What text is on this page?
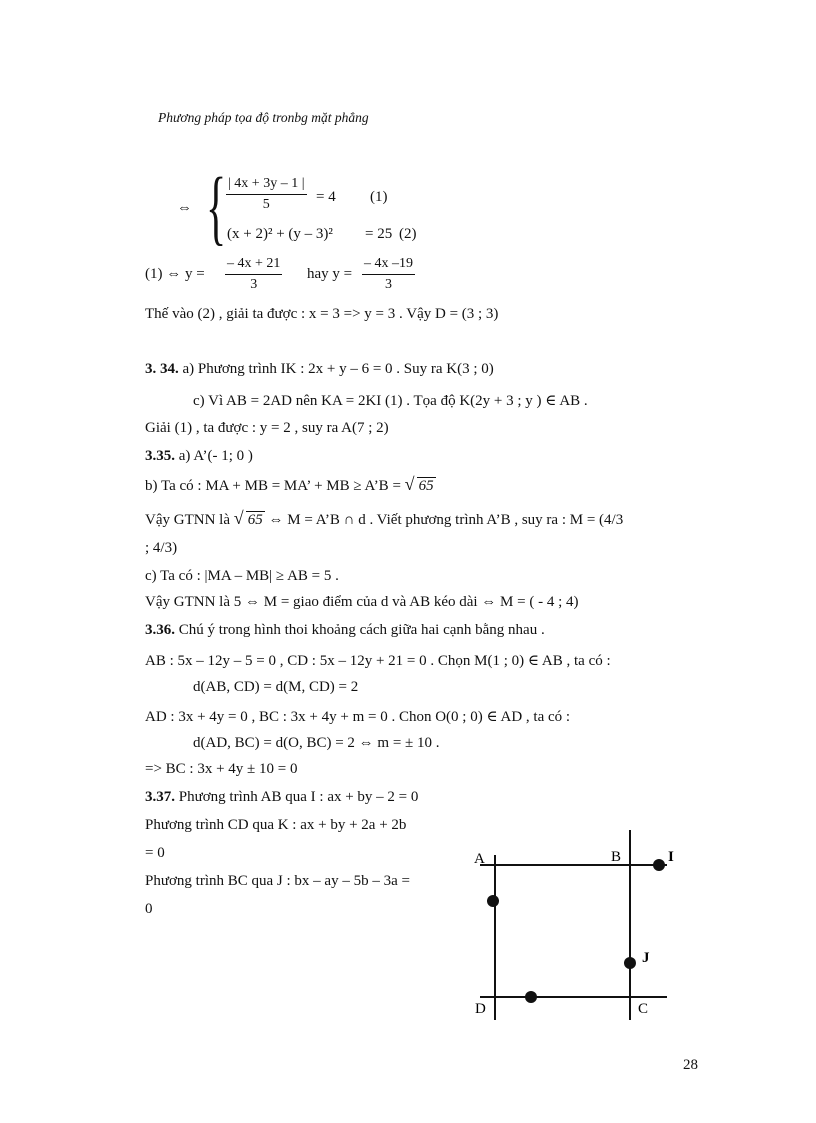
Phương pháp tọa độ tronbg mặt phẳng
⇔ { $\frac{| 4x + 3y - 1 |}{5} = 4$ (1)
(x + 2)² + (y – 3)² = 25 (2)
(1) ⇔ $y = \frac{- 4x + 21}{3}$ hay $y = \frac{- 4x -19}{3}$
Thế vào (2) , giải ta được : x = 3 => y = 3 . Vậy D = (3 ; 3)
3. 34. a) Phương trình IK : 2x + y – 6 = 0 . Suy ra K(3 ; 0)
c) Vì AB = 2AD nên KA = 2KI (1) . Tọa độ K(2y + 3 ; y ) ∈ AB .
Giải (1) , ta được : y = 2 , suy ra A(7 ; 2)
3.35. a) A’(- 1; 0 )
b) Ta có : MA + MB = MA’ + MB ≥ A’B = √ 65
Vậy GTNN là √ 65 ⇔ M = A’B ∩ d . Viết phương trình A’B , suy ra : M = (4/3
; 4/3)
c) Ta có : |MA – MB| ≥ AB = 5 .
Vậy GTNN là 5 ⇔ M = giao điểm của d và AB kéo dài ⇔ M = ( - 4 ; 4)
3.36. Chú ý trong hình thoi khoảng cách giữa hai cạnh bằng nhau .
AB : 5x – 12y – 5 = 0 , CD : 5x – 12y + 21 = 0 . Chọn M(1 ; 0) ∈ AB , ta có :
d(AB, CD) = d(M, CD) = 2
AD : 3x + 4y = 0 , BC : 3x + 4y + m = 0 . Chon O(0 ; 0) ∈ AD , ta có :
d(AD, BC) = d(O, BC) = 2 ⇔ m = ± 10 .
=> BC : 3x + 4y ± 10 = 0
3.37. Phương trình AB qua I : ax + by – 2 = 0
Phương trình CD qua K : ax + by + 2a + 2b
= 0
Phương trình BC qua J : bx – ay – 5b – 3a =
0
A	B	I
J
D	C
28
